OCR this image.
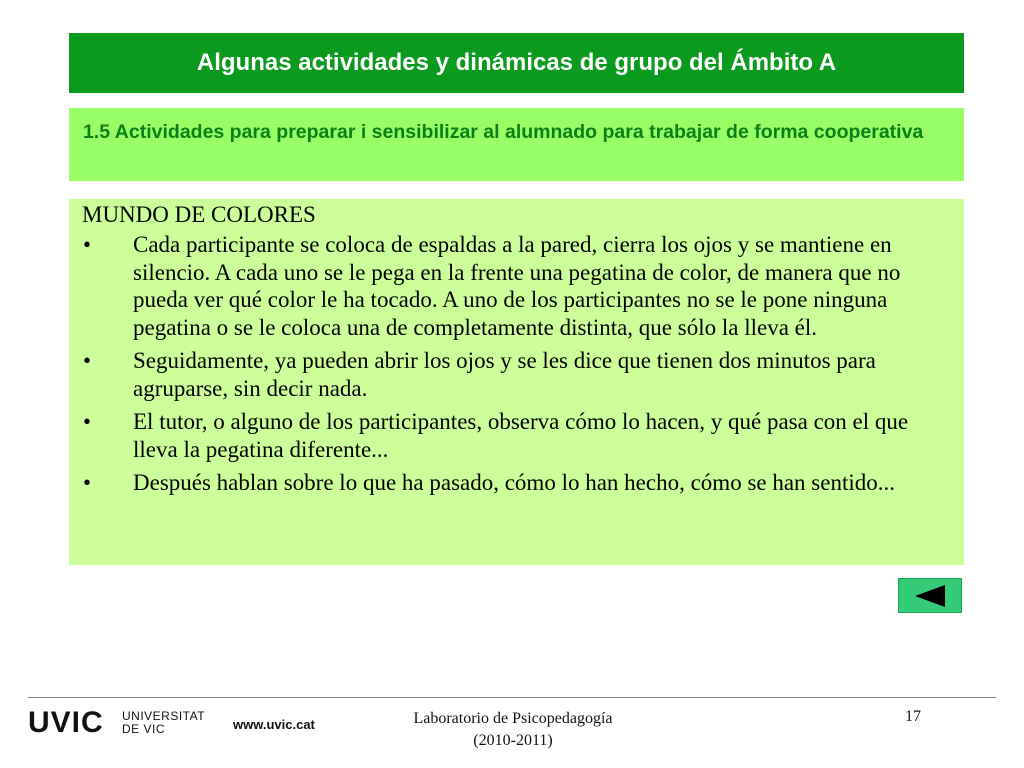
Algunas actividades y dinámicas de grupo del Ámbito A

1.5 Actividades para preparar i sensibilizar al alumnado para trabajar de forma cooperativa

MUNDO DE COLORES

• Cada participante se coloca de espaldas a la pared, cierra los ojos y se mantiene en silencio. A cada uno se le pega en la frente una pegatina de color, de manera que no pueda ver qué color le ha tocado. A uno de los participantes no se le pone ninguna pegatina o se le coloca una de completamente distinta, que sólo la lleva él.
• Seguidamente, ya pueden abrir los ojos y se les dice que tienen dos minutos para agruparse, sin decir nada.
• El tutor, o alguno de los participantes, observa cómo lo hacen, y qué pasa con el que lleva la pegatina diferente...
• Después hablan sobre lo que ha pasado, cómo lo han hecho, cómo se han sentido...
UVIC UNIVERSITAT
DE VIC	www.uvic.cat	Laboratorio de Psicopedagogía
(2010-2011)
17
